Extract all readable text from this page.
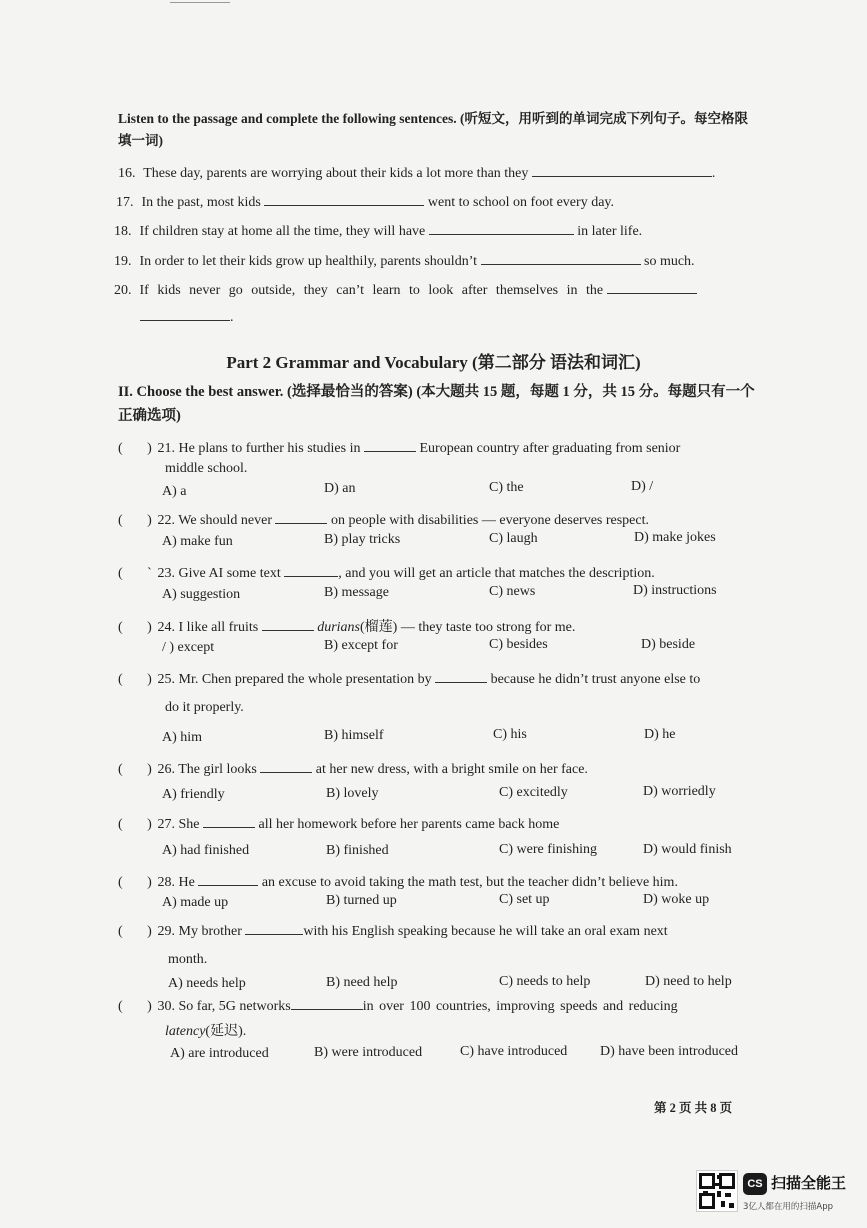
Listen to the passage and complete the following sentences. (听短文，用听到的单词完成下列句子。每空格限填一词)
16. These day, parents are worrying about their kids a lot more than they	.
17. In the past, most kids	went to school on foot every day.
18. If children stay at home all the time, they will have	in later life.
19. In order to let their kids grow up healthily, parents shouldn’t	so much.
20. If kids never go outside, they can’t learn to look after themselves in the
.
Part 2 Grammar and Vocabulary (第二部分 语法和词汇)
II. Choose the best answer. (选择最恰当的答案) (本大题共 15 题，每题 1 分，共 15 分。每题只有一个正确选项)
( ) 21. He plans to further his studies in	European country after graduating from senior
middle school.
A) a	D) an	C) the	D) /
( ) 22. We should never	on people with disabilities — everyone deserves respect.
A) make fun	B) play tricks	C) laugh	D) make jokes
( ` 23. Give AI some text	, and you will get an article that matches the description.
A) suggestion	B) message	C) news	D) instructions
( ) 24. I like all fruits	durians(榴莲) — they taste too strong for me.
/ ) except	B) except for	C) besides	D) beside
( ) 25. Mr. Chen prepared the whole presentation by	because he didn’t trust anyone else to
do it properly.
A) him	B) himself	C) his	D) he
( ) 26. The girl looks	at her new dress, with a bright smile on her face.
A) friendly	B) lovely	C) excitedly	D) worriedly
( ) 27. She	all her homework before her parents came back home
A) had finished	B) finished	C) were finishing	D) would finish
( ) 28. He	an excuse to avoid taking the math test, but the teacher didn’t believe him.
A) made up	B) turned up	C) set up	D) woke up
( ) 29. My brother	with his English speaking because he will take an oral exam next
month.
A) needs help	B) need help	C) needs to help	D) need to help
( ) 30. So far, 5G networks	in over 100 countries, improving speeds and reducing
latency(延迟).
A) are introduced	B) were introduced	C) have introduced D) have been introduced
第 2 页 共 8 页
CS 扫描全能王
3亿人都在用的扫描App
